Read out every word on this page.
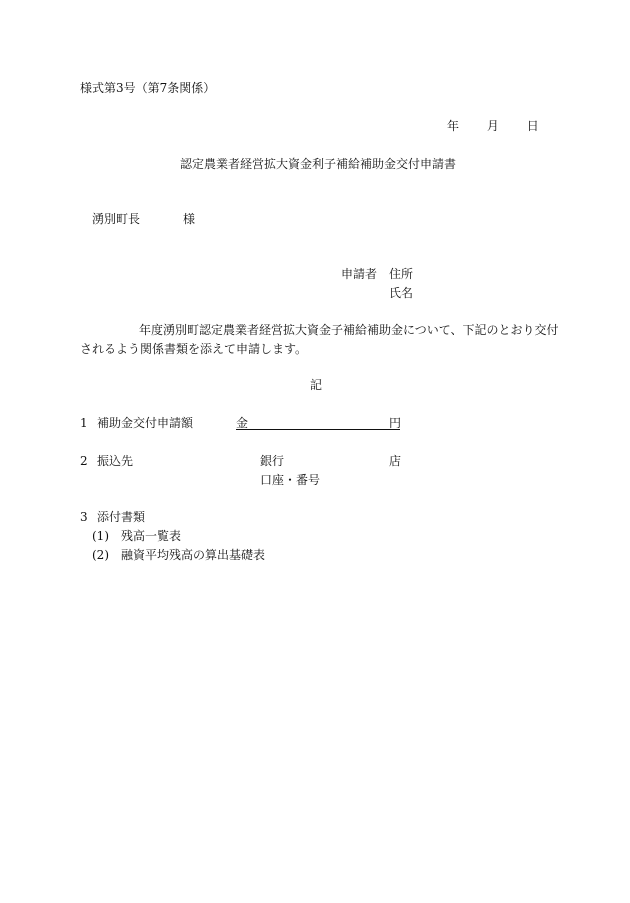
様式第3号（第7条関係）
年 月 日
認定農業者経営拡大資金利子補給補助金交付申請書
湧別町長	様
申請者 住所
氏名
年度湧別町認定農業者経営拡大資金子補給補助金について、下記のとおり交付
されるよう関係書類を添えて申請します。
記
1 補助金交付申請額	金	円
2 振込先	銀行	店
口座・番号
3 添付書類
(1) 残高一覧表
(2) 融資平均残高の算出基礎表
